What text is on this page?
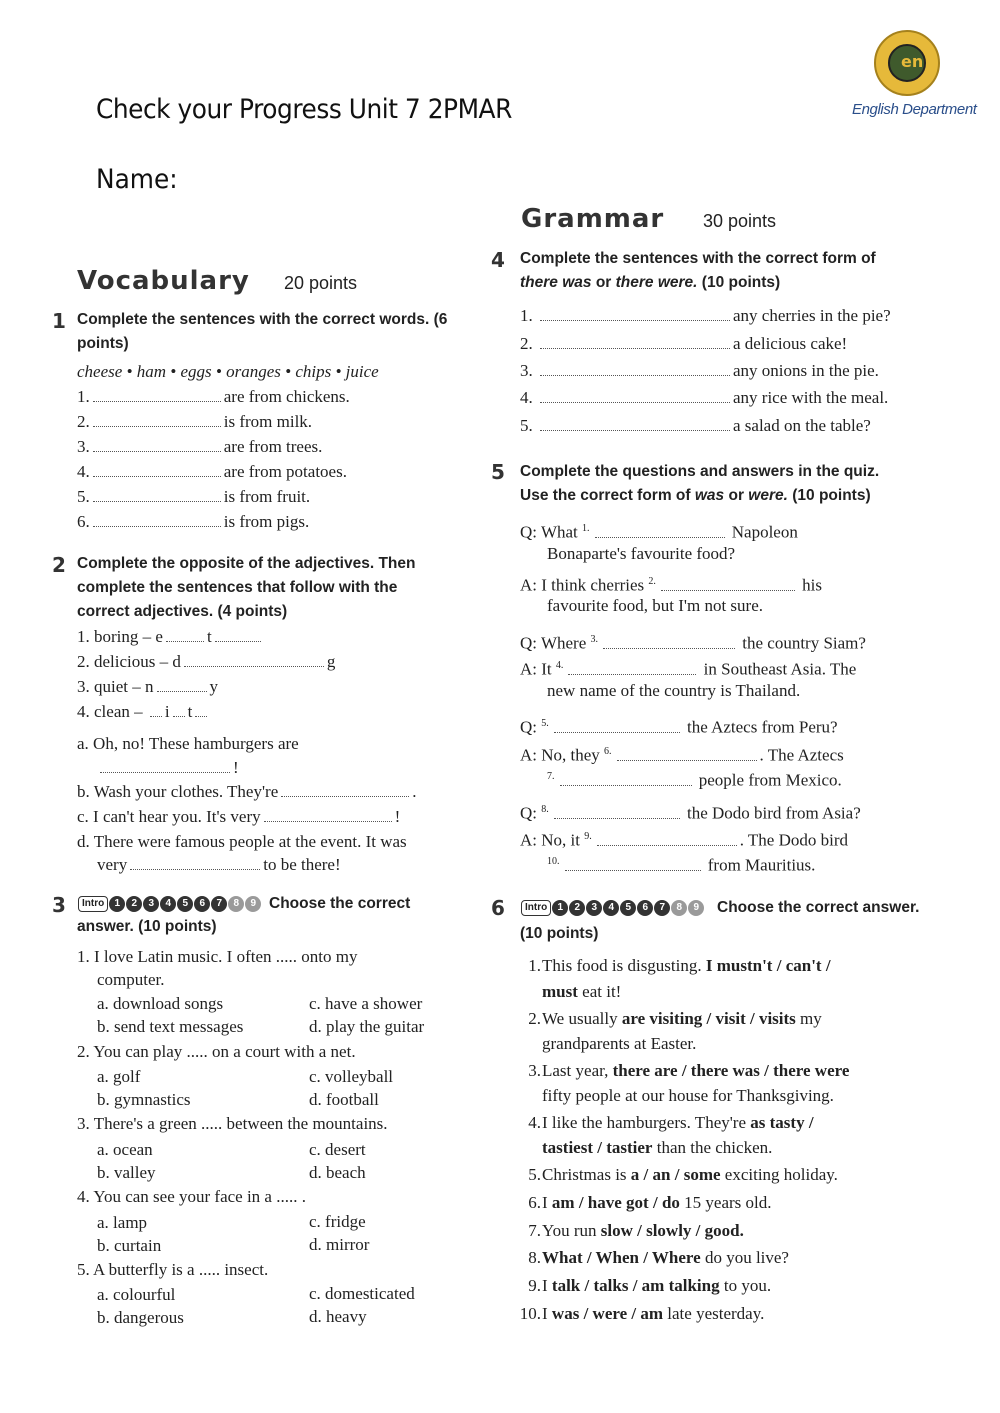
Check your Progress Unit 7 2PMAR
Name:
en
English Department
Vocabulary 20 points
1 Complete the sentences with the correct words. (6 points)
cheese • ham • eggs • oranges • chips • juice
1.	are from chickens.
2.	is from milk.
3.	are from trees.
4.	are from potatoes.
5.	is from fruit.
6.	is from pigs.
2 Complete the opposite of the adjectives. Then complete the sentences that follow with the correct adjectives. (4 points)
1. boring – e	t
2. delicious – d	g
3. quiet – n	y
4. clean – i t
a. Oh, no! These hamburgers are
!
b. Wash your clothes. They're	.
c. I can't hear you. It's very	!
d. There were famous people at the event. It was
very	to be there!
3	Intro	1	2	3	4	5	6	7	8	9 Choose the correct
answer. (10 points)
1. I love Latin music. I often ..... onto my
computer.
a. download songs	c. have a shower
b. send text messages	d. play the guitar
2. You can play ..... on a court with a net.
a. golf	c. volleyball
b. gymnastics	d. football
3. There's a green ..... between the mountains.
a. ocean	c. desert
b. valley	d. beach
4. You can see your face in a ..... .
a. lamp	c. fridge
b. curtain	d. mirror
5. A butterfly is a ..... insect.
a. colourful	c. domesticated
b. dangerous	d. heavy
Grammar 30 points
4 Complete the sentences with the correct form of
there was or there were. (10 points)
1.	any cherries in the pie?
2.	a delicious cake!
3.	any onions in the pie.
4.	any rice with the meal.
5.	a salad on the table?
5 Complete the questions and answers in the quiz.
Use the correct form of was or were. (10 points)
Q: What $^{1.}$	Napoleon
Bonaparte's favourite food?
A: I think cherries $^{2.}$	his
favourite food, but I'm not sure.
Q: Where $^{3.}$	the country Siam?
A: It $^{4.}$	in Southeast Asia. The
new name of the country is Thailand.
Q: $^{5.}$	the Aztecs from Peru?
A: No, they $^{6.}$	. The Aztecs
$^{7.}$	people from Mexico.
Q: $^{8.}$	the Dodo bird from Asia?
A: No, it $^{9.}$	. The Dodo bird
$^{10.}$	from Mauritius.
6	Intro	1	2	3	4	5	6	7	8	9	Choose the correct answer.
(10 points)
1.This food is disgusting. I mustn't / can't /
must eat it!
2.We usually are visiting / visit / visits my
grandparents at Easter.
3.Last year, there are / there was / there were
fifty people at our house for Thanksgiving.
4.I like the hamburgers. They're as tasty /
tastiest / tastier than the chicken.
5.Christmas is a / an / some exciting holiday.
6.I am / have got / do 15 years old.
7.You run slow / slowly / good.
8.What / When / Where do you live?
9.I talk / talks / am talking to you.
10.I was / were / am late yesterday.
